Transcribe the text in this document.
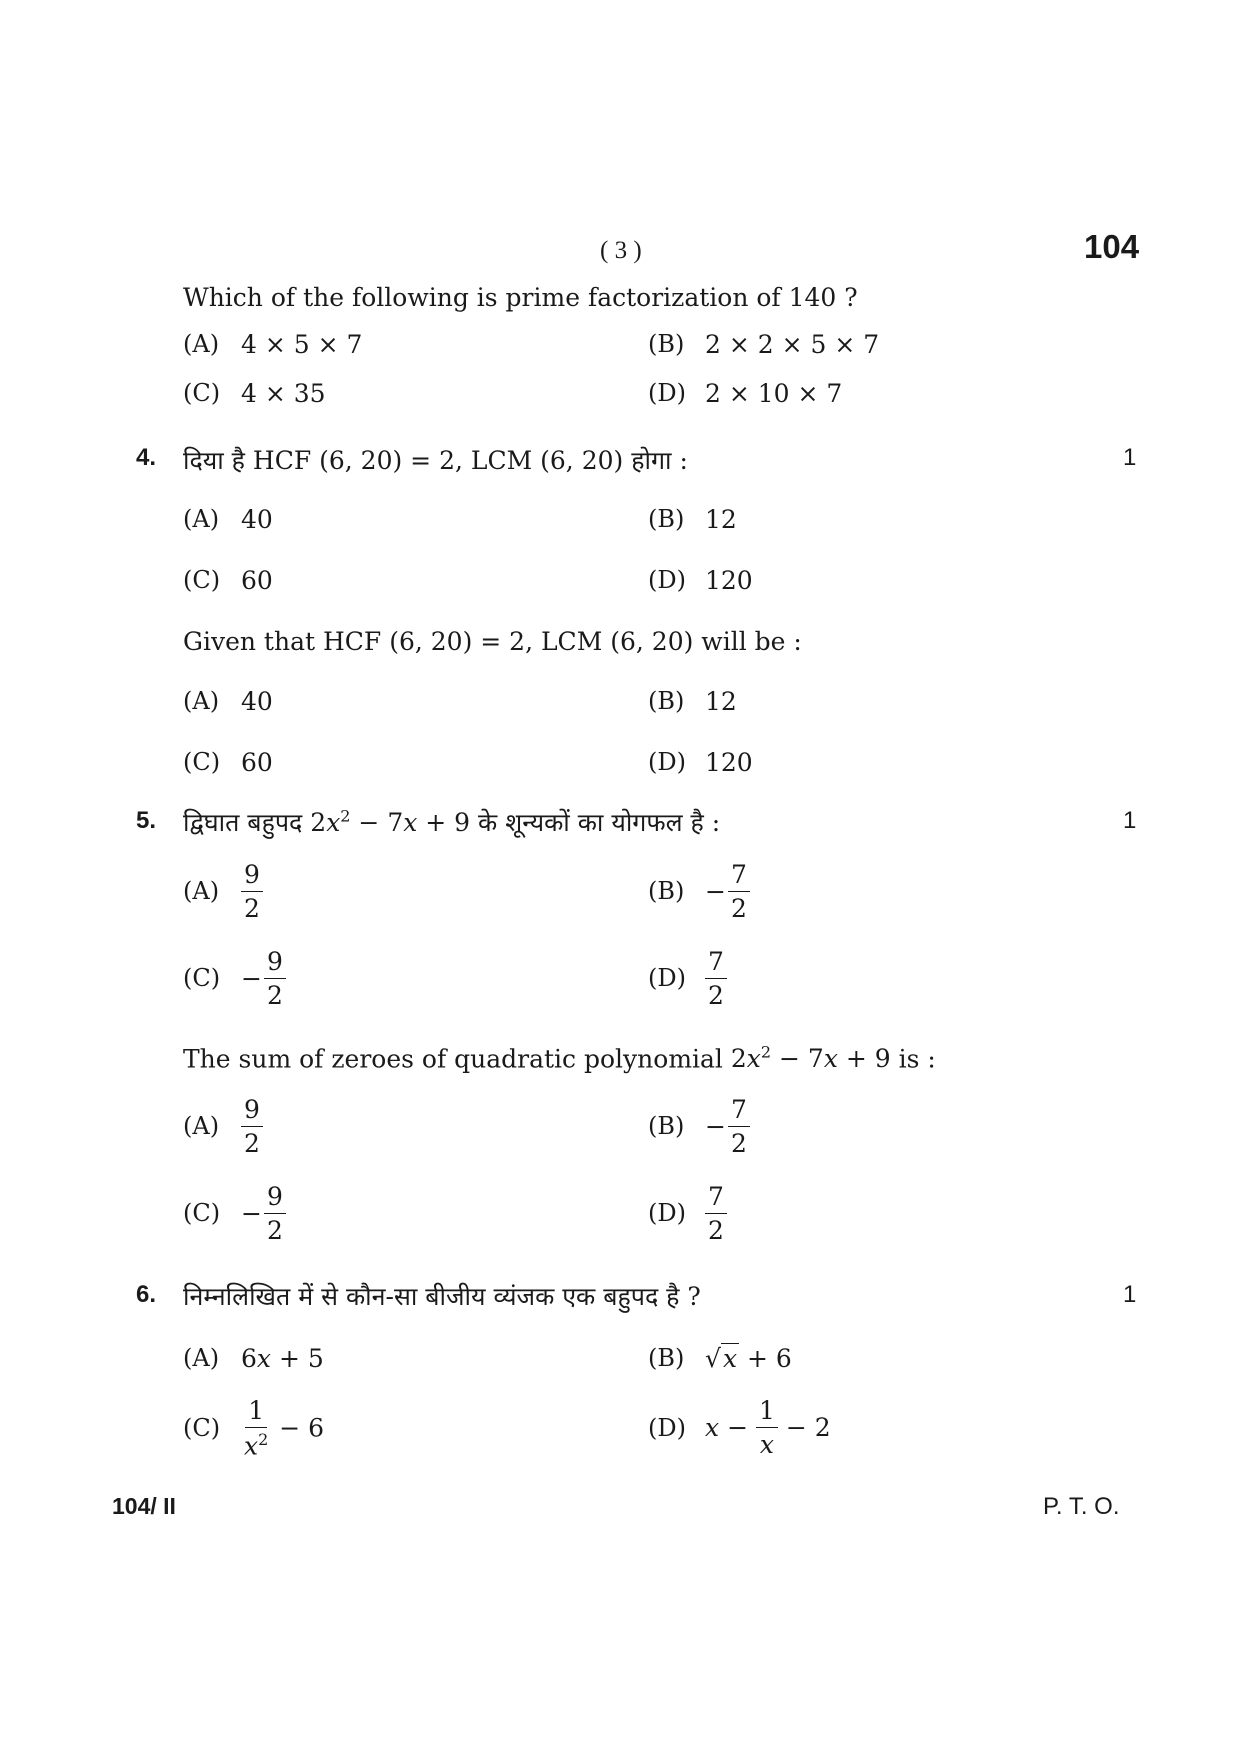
( 3 )	104
Which of the following is prime factorization of 140 ?
(A) 4 × 5 × 7	(B) 2 × 2 × 5 × 7
(C) 4 × 35	(D) 2 × 10 × 7
4. दिया है HCF (6, 20) = 2, LCM (6, 20) होगा :	1
(A) 40	(B) 12
(C) 60	(D) 120
Given that HCF (6, 20) = 2, LCM (6, 20) will be :
(A) 40	(B) 12
(C) 60	(D) 120
5. द्विघात बहुपद $2x^2 - 7x + 9$ के शून्यकों का योगफल है :	1
$(A) \frac{9}{2}$	$(B) - \frac{7}{2}$
$(C) - \frac{9}{2}$	$(D) \frac{7}{2}$
The sum of zeroes of quadratic polynomial $2x^2 - 7x + 9$ is :
$(A) \frac{9}{2}$	$(B) - \frac{7}{2}$
$(C) - \frac{9}{2}$	$(D) \frac{7}{2}$
6. निम्नलिखित में से कौन-सा बीजीय व्यंजक एक बहुपद है ?	1
(A) 6x + 5	(B) √x + 6
$(C) \frac{1}{x^2} - 6$	(D) $x - \frac{1}{x} - 2$
104/ II	P. T. O.
